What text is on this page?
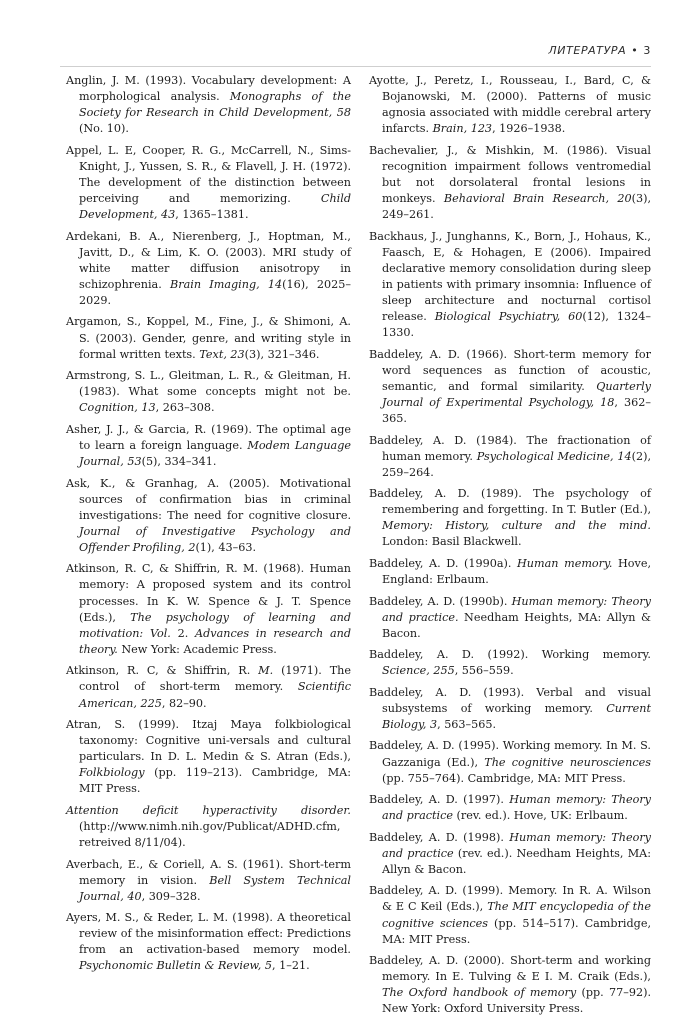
ЛИТЕРАТУРА • 3
Anglin, J. M. (1993). Vocabulary development: A morphological analysis. Monographs of the Society for Research in Child Development, 58 (No. 10).
Appel, L. E, Cooper, R. G., McCarrell, N., Sims-Knight, J., Yussen, S. R., & Flavell, J. H. (1972). The development of the distinction between perceiving and memorizing. Child Development, 43, 1365–1381.
Ardekani, B. A., Nierenberg, J., Hoptman, M., Javitt, D., & Lim, K. O. (2003). MRI study of white matter diffusion anisotropy in schizophrenia. Brain Imaging, 14(16), 2025–2029.
Argamon, S., Koppel, M., Fine, J., & Shimoni, A. S. (2003). Gender, genre, and writing style in formal written texts. Text, 23(3), 321–346.
Armstrong, S. L., Gleitman, L. R., & Gleitman, H. (1983). What some concepts might not be. Cognition, 13, 263–308.
Asher, J. J., & Garcia, R. (1969). The optimal age to learn a foreign language. Modem Language Journal, 53(5), 334–341.
Ask, K., & Granhag, A. (2005). Motivational sources of confirmation bias in criminal investigations: The need for cognitive closure. Journal of Investigative Psychology and Offender Profiling, 2(1), 43–63.
Atkinson, R. C, & Shiffrin, R. M. (1968). Human memory: A proposed system and its control processes. In K. W. Spence & J. T. Spence (Eds.), The psychology of learning and motivation: Vol. 2. Advances in research and theory. New York: Academic Press.
Atkinson, R. C, & Shiffrin, R. M. (1971). The control of short-term memory. Scientific American, 225, 82–90.
Atran, S. (1999). Itzaj Maya folkbiological taxonomy: Cognitive uni-versals and cultural particulars. In D. L. Medin & S. Atran (Eds.), Folkbiology (pp. 119–213). Cambridge, MA: MIT Press.
Attention deficit hyperactivity disorder. (http://www.nimh.nih.gov/Publicat/ADHD.cfm, retreived 8/11/04).
Averbach, E., & Coriell, A. S. (1961). Short-term memory in vision. Bell System Technical Journal, 40, 309–328.
Ayers, M. S., & Reder, L. M. (1998). A theoretical review of the misinformation effect: Predictions from an activation-based memory model. Psychonomic Bulletin & Review, 5, 1–21.
Ayotte, J., Peretz, I., Rousseau, I., Bard, C, & Bojanowski, M. (2000). Patterns of music agnosia associated with middle cerebral artery infarcts. Brain, 123, 1926–1938.
Bachevalier, J., & Mishkin, M. (1986). Visual recognition impairment follows ventromedial but not dorsolateral frontal lesions in monkeys. Behavioral Brain Research, 20(3), 249–261.
Backhaus, J., Junghanns, K., Born, J., Hohaus, K., Faasch, E, & Hohagen, E (2006). Impaired declarative memory consolidation during sleep in patients with primary insomnia: Influence of sleep architecture and nocturnal cortisol release. Biological Psychiatry, 60(12), 1324–1330.
Baddeley, A. D. (1966). Short-term memory for word sequences as function of acoustic, semantic, and formal similarity. Quarterly Journal of Experimental Psychology, 18, 362–365.
Baddeley, A. D. (1984). The fractionation of human memory. Psychological Medicine, 14(2), 259–264.
Baddeley, A. D. (1989). The psychology of remembering and forgetting. In T. Butler (Ed.), Memory: History, culture and the mind. London: Basil Blackwell.
Baddeley, A. D. (1990a). Human memory. Hove, England: Erlbaum.
Baddeley, A. D. (1990b). Human memory: Theory and practice. Needham Heights, MA: Allyn & Bacon.
Baddeley, A. D. (1992). Working memory. Science, 255, 556–559.
Baddeley, A. D. (1993). Verbal and visual subsystems of working memory. Current Biology, 3, 563–565.
Baddeley, A. D. (1995). Working memory. In M. S. Gazzaniga (Ed.), The cognitive neurosciences (pp. 755–764). Cambridge, MA: MIT Press.
Baddeley, A. D. (1997). Human memory: Theory and practice (rev. ed.). Hove, UK: Erlbaum.
Baddeley, A. D. (1998). Human memory: Theory and practice (rev. ed.). Needham Heights, MA: Allyn & Bacon.
Baddeley, A. D. (1999). Memory. In R. A. Wilson & E C Keil (Eds.), The MIT encyclopedia of the cognitive sciences (pp. 514–517). Cambridge, MA: MIT Press.
Baddeley, A. D. (2000). Short-term and working memory. In E. Tulving & E I. M. Craik (Eds.), The Oxford handbook of memory (pp. 77–92). New York: Oxford University Press.
